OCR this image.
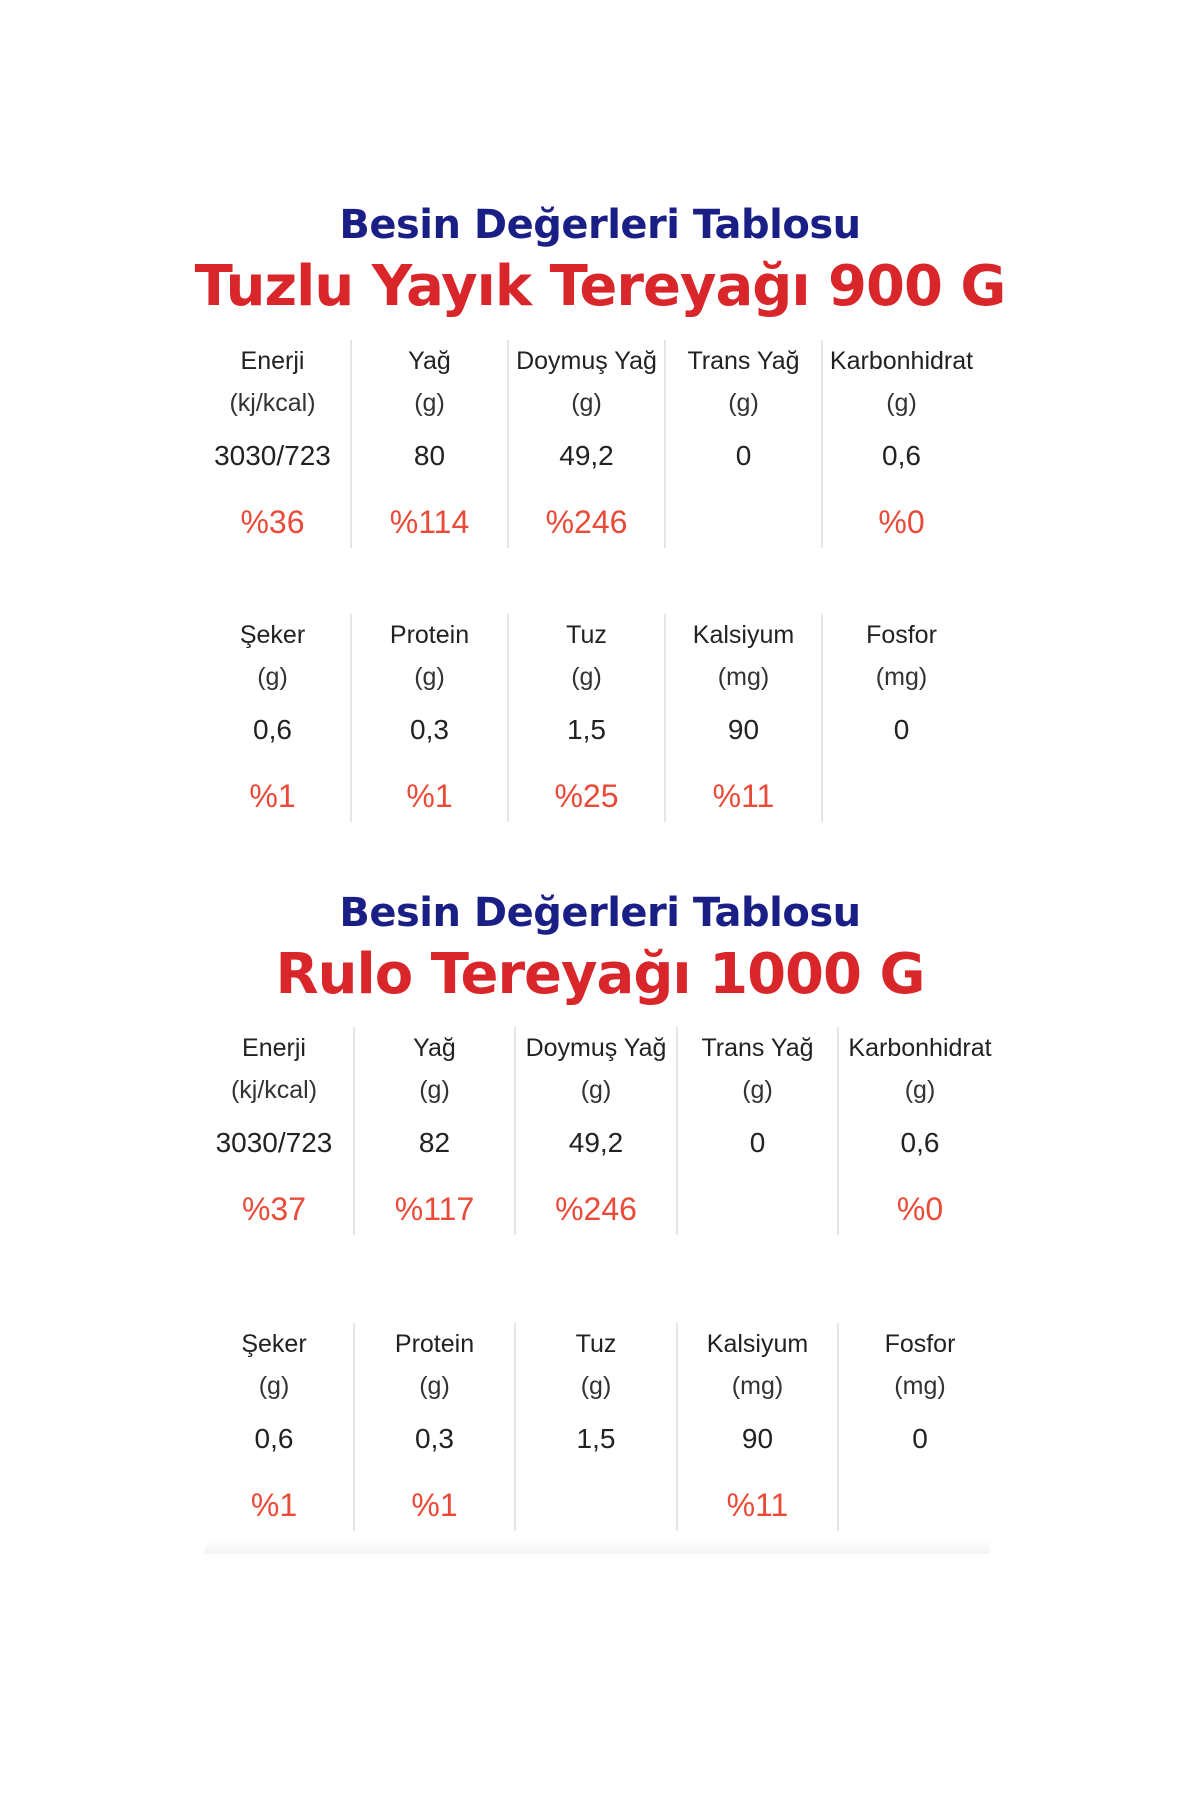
Besin Değerleri Tablosu
Tuzlu Yayık Tereyağı 900 G
Enerji
(kj/kcal)
3030/723
%36
Yağ
(g)
80
%114
Doymuş Yağ
(g)
49,2
%246
Trans Yağ
(g)
0
Karbonhidrat
(g)
0,6
%0
Şeker
(g)
0,6
%1
Protein
(g)
0,3
%1
Tuz
(g)
1,5
%25
Kalsiyum
(mg)
90
%11
Fosfor
(mg)
0
Besin Değerleri Tablosu
Rulo Tereyağı 1000 G
Enerji
(kj/kcal)
3030/723
%37
Yağ
(g)
82
%117
Doymuş Yağ
(g)
49,2
%246
Trans Yağ
(g)
0
Karbonhidrat
(g)
0,6
%0
Şeker
(g)
0,6
%1
Protein
(g)
0,3
%1
Tuz
(g)
1,5
Kalsiyum
(mg)
90
%11
Fosfor
(mg)
0
